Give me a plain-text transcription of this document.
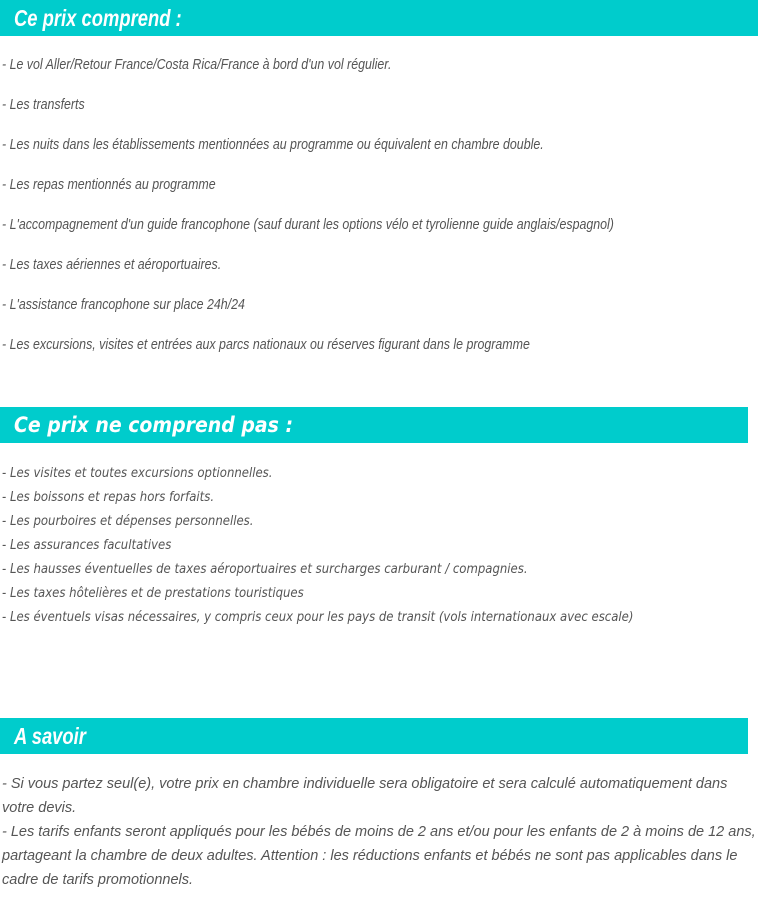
Ce prix comprend :
- Le vol Aller/Retour France/Costa Rica/France à bord d'un vol régulier.
- Les transferts
- Les nuits dans les établissements mentionnées au programme ou équivalent en chambre double.
- Les repas mentionnés au programme
- L'accompagnement d'un guide francophone (sauf durant les options vélo et tyrolienne guide anglais/espagnol)
- Les taxes aériennes et aéroportuaires.
- L'assistance francophone sur place 24h/24
- Les excursions, visites et entrées aux parcs nationaux ou réserves figurant dans le programme
Ce prix ne comprend pas :
- Les visites et toutes excursions optionnelles.
- Les boissons et repas hors forfaits.
- Les pourboires et dépenses personnelles.
- Les assurances facultatives
- Les hausses éventuelles de taxes aéroportuaires et surcharges carburant / compagnies.
- Les taxes hôtelières et de prestations touristiques
- Les éventuels visas nécessaires, y compris ceux pour les pays de transit (vols internationaux avec escale)
A savoir
- Si vous partez seul(e), votre prix en chambre individuelle sera obligatoire et sera calculé automatiquement dans votre devis.
- Les tarifs enfants seront appliqués pour les bébés de moins de 2 ans et/ou pour les enfants de 2 à moins de 12 ans, partageant la chambre de deux adultes. Attention : les réductions enfants et bébés ne sont pas applicables dans le cadre de tarifs promotionnels.
